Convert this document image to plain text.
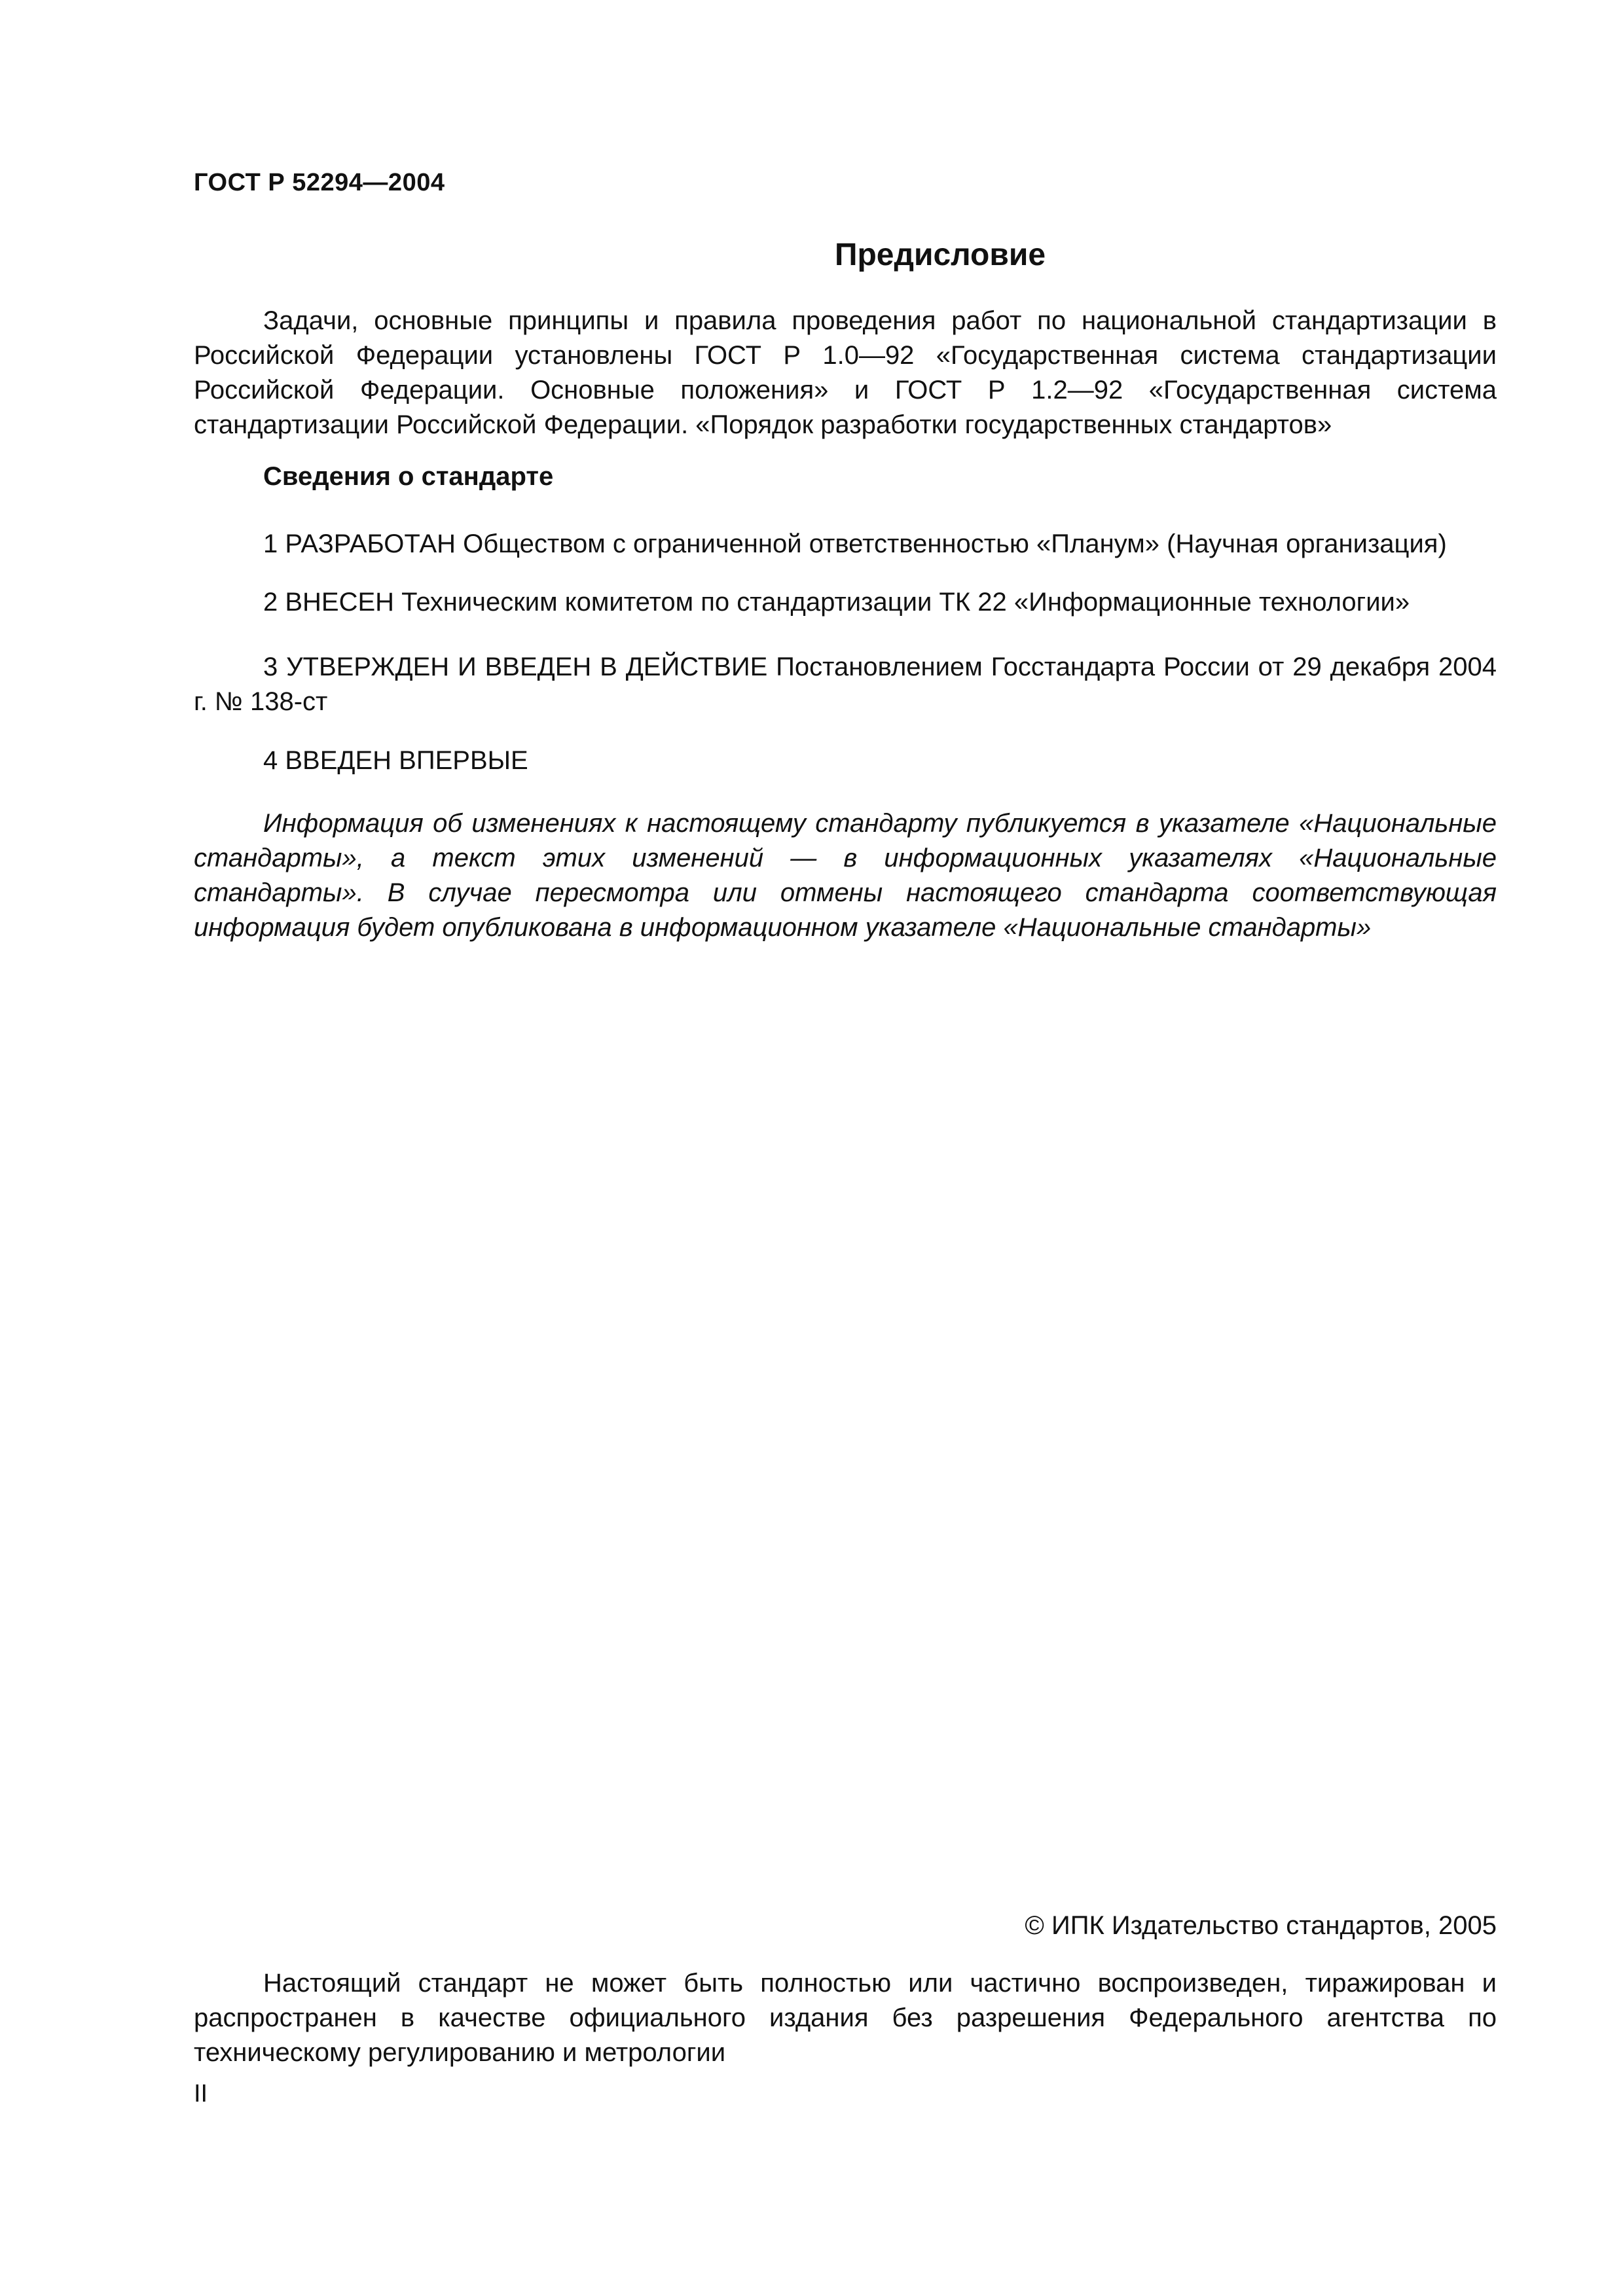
ГОСТ Р 52294—2004

Предисловие

Задачи, основные принципы и правила проведения работ по национальной стандартизации в Российской Федерации установлены ГОСТ Р 1.0—92 «Государственная система стандартизации Российской Федерации. Основные положения» и ГОСТ Р 1.2—92 «Государственная система стандартизации Российской Федерации. «Порядок разработки государственных стандартов»

Сведения о стандарте

1 РАЗРАБОТАН Обществом с ограниченной ответственностью «Планум» (Научная организация)

2 ВНЕСЕН Техническим комитетом по стандартизации ТК 22 «Информационные технологии»

3 УТВЕРЖДЕН И ВВЕДЕН В ДЕЙСТВИЕ Постановлением Госстандарта России от 29 декабря 2004 г. № 138-ст

4 ВВЕДЕН ВПЕРВЫЕ

Информация об изменениях к настоящему стандарту публикуется в указателе «Национальные стандарты», а текст этих изменений — в информационных указателях «Национальные стандарты». В случае пересмотра или отмены настоящего стандарта соответствующая информация будет опубликована в информационном указателе «Национальные стандарты»

© ИПК Издательство стандартов, 2005

Настоящий стандарт не может быть полностью или частично воспроизведен, тиражирован и распространен в качестве официального издания без разрешения Федерального агентства по техническому регулированию и метрологии

II
